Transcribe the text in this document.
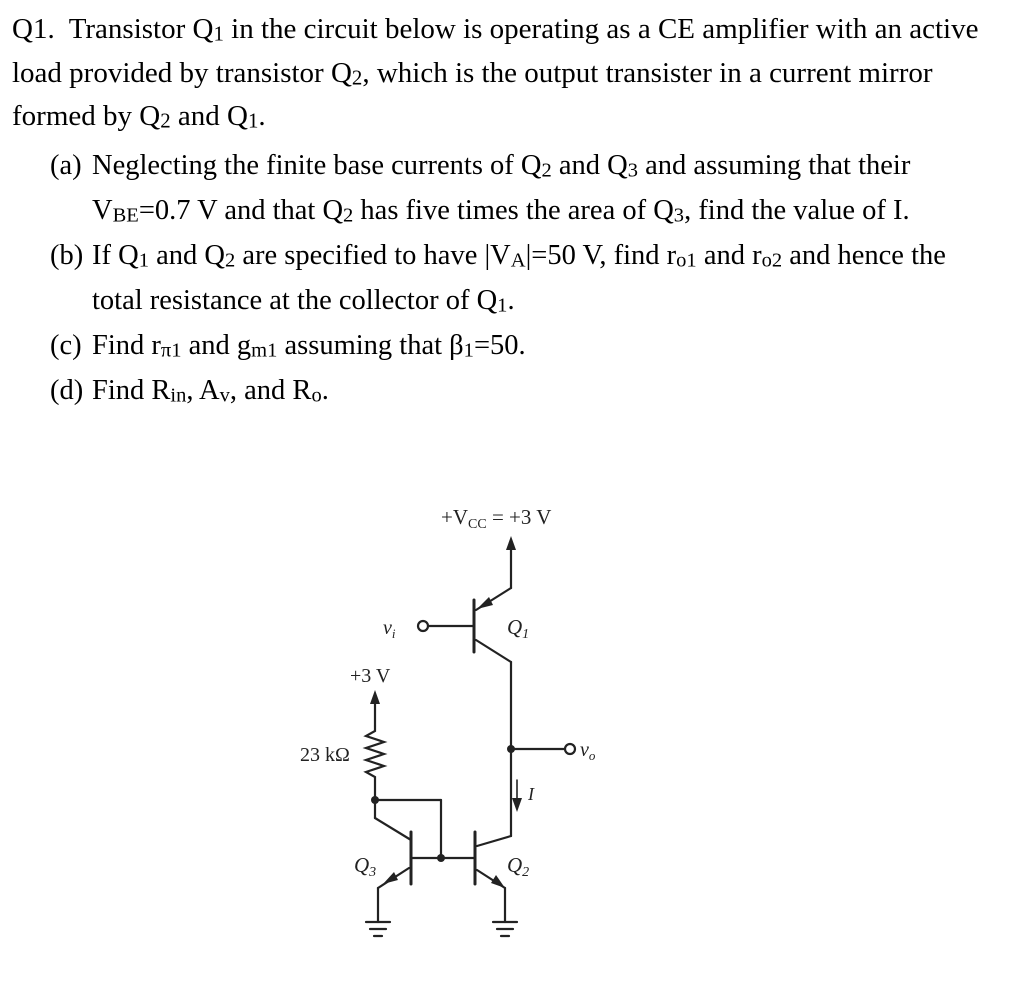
Q1. Transistor Q1 in the circuit below is operating as a CE amplifier with an active load provided by transistor Q2, which is the output transister in a current mirror formed by Q2 and Q1.

(a) Neglecting the finite base currents of Q2 and Q3 and assuming that their VBE=0.7 V and that Q2 has five times the area of Q3, find the value of I.
(b) If Q1 and Q2 are specified to have |VA|=50 V, find ro1 and ro2 and hence the total resistance at the collector of Q1.
(c) Find rπ1 and gm1 assuming that β1=50.
(d) Find Rin, Av, and Ro.
+VCC = +3 V
Q1
$v_i$
$v_o$
+3 V
23 kΩ
I
Q3	Q2
